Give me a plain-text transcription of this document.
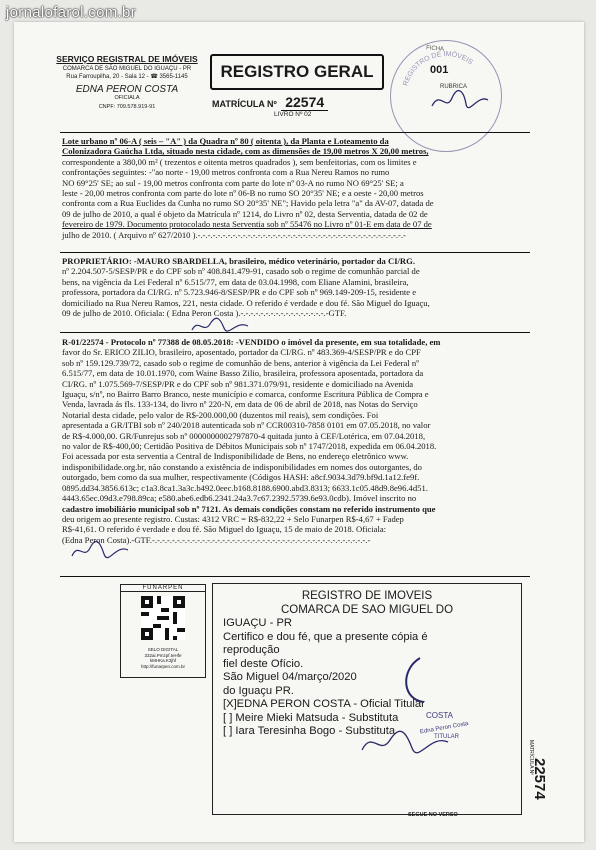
jornalofarol.com.br
SERVIÇO REGISTRAL DE IMÓVEIS
COMARCA DE SÃO MIGUEL DO IGUAÇU - PR
Rua Farroupilha, 20 - Sala 12 - ☎ 3565-1145
EDNA PERON COSTA
OFICIALA
CNPF: 709.578.919-91
REGISTRO GERAL
MATRÍCULA Nº 22574
LIVRO Nº 02
REGISTRO DE IMÓVEIS
FICHA
001
RUBRICA
Lote urbano nº 06-A ( seis – "A" ) da Quadra nº 80 ( oitenta ), da Planta e Loteamento da
Colonizadora Gaúcha Ltda, situado nesta cidade, com as dimensões de 19,00 metros X 20,00 metros,
correspondente a 380,00 m² ( trezentos e oitenta metros quadrados ), sem benfeitorias, com os limites e
confrontações seguintes: -"ao norte - 19,00 metros confronta com a Rua Nereu Ramos no rumo
NO 69°25' SE; ao sul - 19,00 metros confronta com parte do lote nº 03-A no rumo NO 69°25' SE; a
leste - 20,00 metros confronta com parte do lote nº 06-B no rumo SO 20°35' NE; e a oeste - 20,00 metros
confronta com a Rua Euclides da Cunha no rumo SO 20°35' NE"; Havido pela letra "a" da AV-07, datada de
09 de julho de 2010, a qual é objeto da Matrícula nº 1214, do Livro nº 02, desta Serventia, datada de 02 de
fevereiro de 1979. Documento protocolado nesta Serventia sob nº 55476 no Livro nº 01-E em data de 07 de
julho de 2010. ( Arquivo nº 627/2010 ).-.-.-.-.-.-.-.-.-.-.-.-.-.-.-.-.-.-.-.-.-.-.-.-.-.-.-.-.-.-.-.-.-.-.-.-.-.-.-.-.-.-
PROPRIETÁRIO: -MAURO SBARDELLA, brasileiro, médico veterinário, portador da CI/RG.
nº 2.204.507-5/SESP/PR e do CPF sob nº 408.841.479-91, casado sob o regime de comunhão parcial de
bens, na vigência da Lei Federal nº 6.515/77, em data de 03.04.1998, com Eliane Alamini, brasileira,
professora, portadora da CI/RG. nº 5.723.946-8/SESP/PR e do CPF sob nº 969.149-209-15, residente e
domiciliado na Rua Nereu Ramos, 221, nesta cidade. O referido é verdade e dou fé. São Miguel do Iguaçu,
09 de julho de 2010. Oficiala: ( Edna Peron Costa ).-.-.-.-.-.-.-.-.-.-.-.-.-.-.-.-.-.-GTF.
R-01/22574 - Protocolo nº 77388 de 08.05.2018: -VENDIDO o imóvel da presente, em sua totalidade, em
favor do Sr. ERICO ZILIO, brasileiro, aposentado, portador da CI/RG. nº 483.369-4/SESP/PR e do CPF
sob nº 159.129.739/72, casado sob o regime de comunhão de bens, anterior à vigência da Lei Federal nº
6.515/77, em data de 10.01.1970, com Waine Basso Zilio, brasileira, professora aposentada, portadora da
CI/RG. nº 1.075.569-7/SESP/PR e do CPF sob nº 981.371.079/91, residente e domiciliado na Avenida
Iguaçu, s/nº, no Bairro Barro Branco, neste município e comarca, conforme Escritura Pública de Compra e
Venda, lavrada ás fls. 133-134, do livro nº 220-N, em data de 06 de abril de 2018, nas Notas do Serviço
Notarial desta cidade, pelo valor de R$-200.000,00 (duzentos mil reais), sem condições. Foi
apresentada a GR/ITBI sob nº 240/2018 autenticada sob nº CCR00310-7858 0101 em 07.05.2018, no valor
de R$-4.000,00. GR/Funrejus sob nº 0000000002797870-4 quitada junto à CEF/Lotérica, em 07.04.2018,
no valor de R$-400,00; Certidão Positiva de Débitos Municipais sob nº 1747/2018, expedida em 06.04.2018.
Foi acessada por esta serventia a Central de Indisponibilidade de Bens, no endereço eletrônico www.
indisponibilidade.org.br, não constando a existência de indisponibilidades em nomes dos outorgantes, do
outorgado, bem como da sua mulher, respectivamente (Códigos HASH: a8cf.9034.3d79.bf9d.1a12.fe9f.
0895.dd34.3856.613c; c1a3.8ca1.3a3c.b492.0eec.b168.8188.6900.abd3.8313; 6633.1c05.48d9.8e96.4d51.
4443.65ec.09d3.e798.89ca; e580.abe6.edb6.2341.24a3.7c67.2392.5739.6e93.0cdb). Imóvel inscrito no
cadastro imobiliário municipal sob nº 7121. As demais condições constam no referido instrumento que
deu origem ao presente registro. Custas: 4312 VRC = R$-832,22 + Selo Funarpen R$-4,67 + Fadep
R$-41,61. O referido é verdade e dou fé. São Miguel do Iguaçu, 15 de maio de 2018. Oficiala:
(Edna Peron Costa).-GTF.-.-.-.-.-.-.-.-.-.-.-.-.-.-.-.-.-.-.-.-.-.-.-.-.-.-.-.-.-.-.-.-.-.-.-.-.-.-.-.-.-.-.-.-
FUNARPEN
SELO DIGITAL
332ai.Pmzpf.IeHfe
kMHKa.K3jhf
http://funarpen.com.br
REGISTRO DE IMOVEIS
COMARCA DE SAO MIGUEL DO
IGUAÇU - PR
Certifico e dou fé, que a presente cópia é
reprodução
fiel deste Ofício.
São Miguel 04/março/2020
do Iguaçu PR.
[X]EDNA PERON COSTA - Oficial Titular
[ ] Meire Mieki Matsuda - Substituta
[ ] Iara Teresinha Bogo - Substituta
COSTA
Edna Peron Costa
TITULAR
MATRÍCULA Nº
22574
SEGUE NO VERSO
